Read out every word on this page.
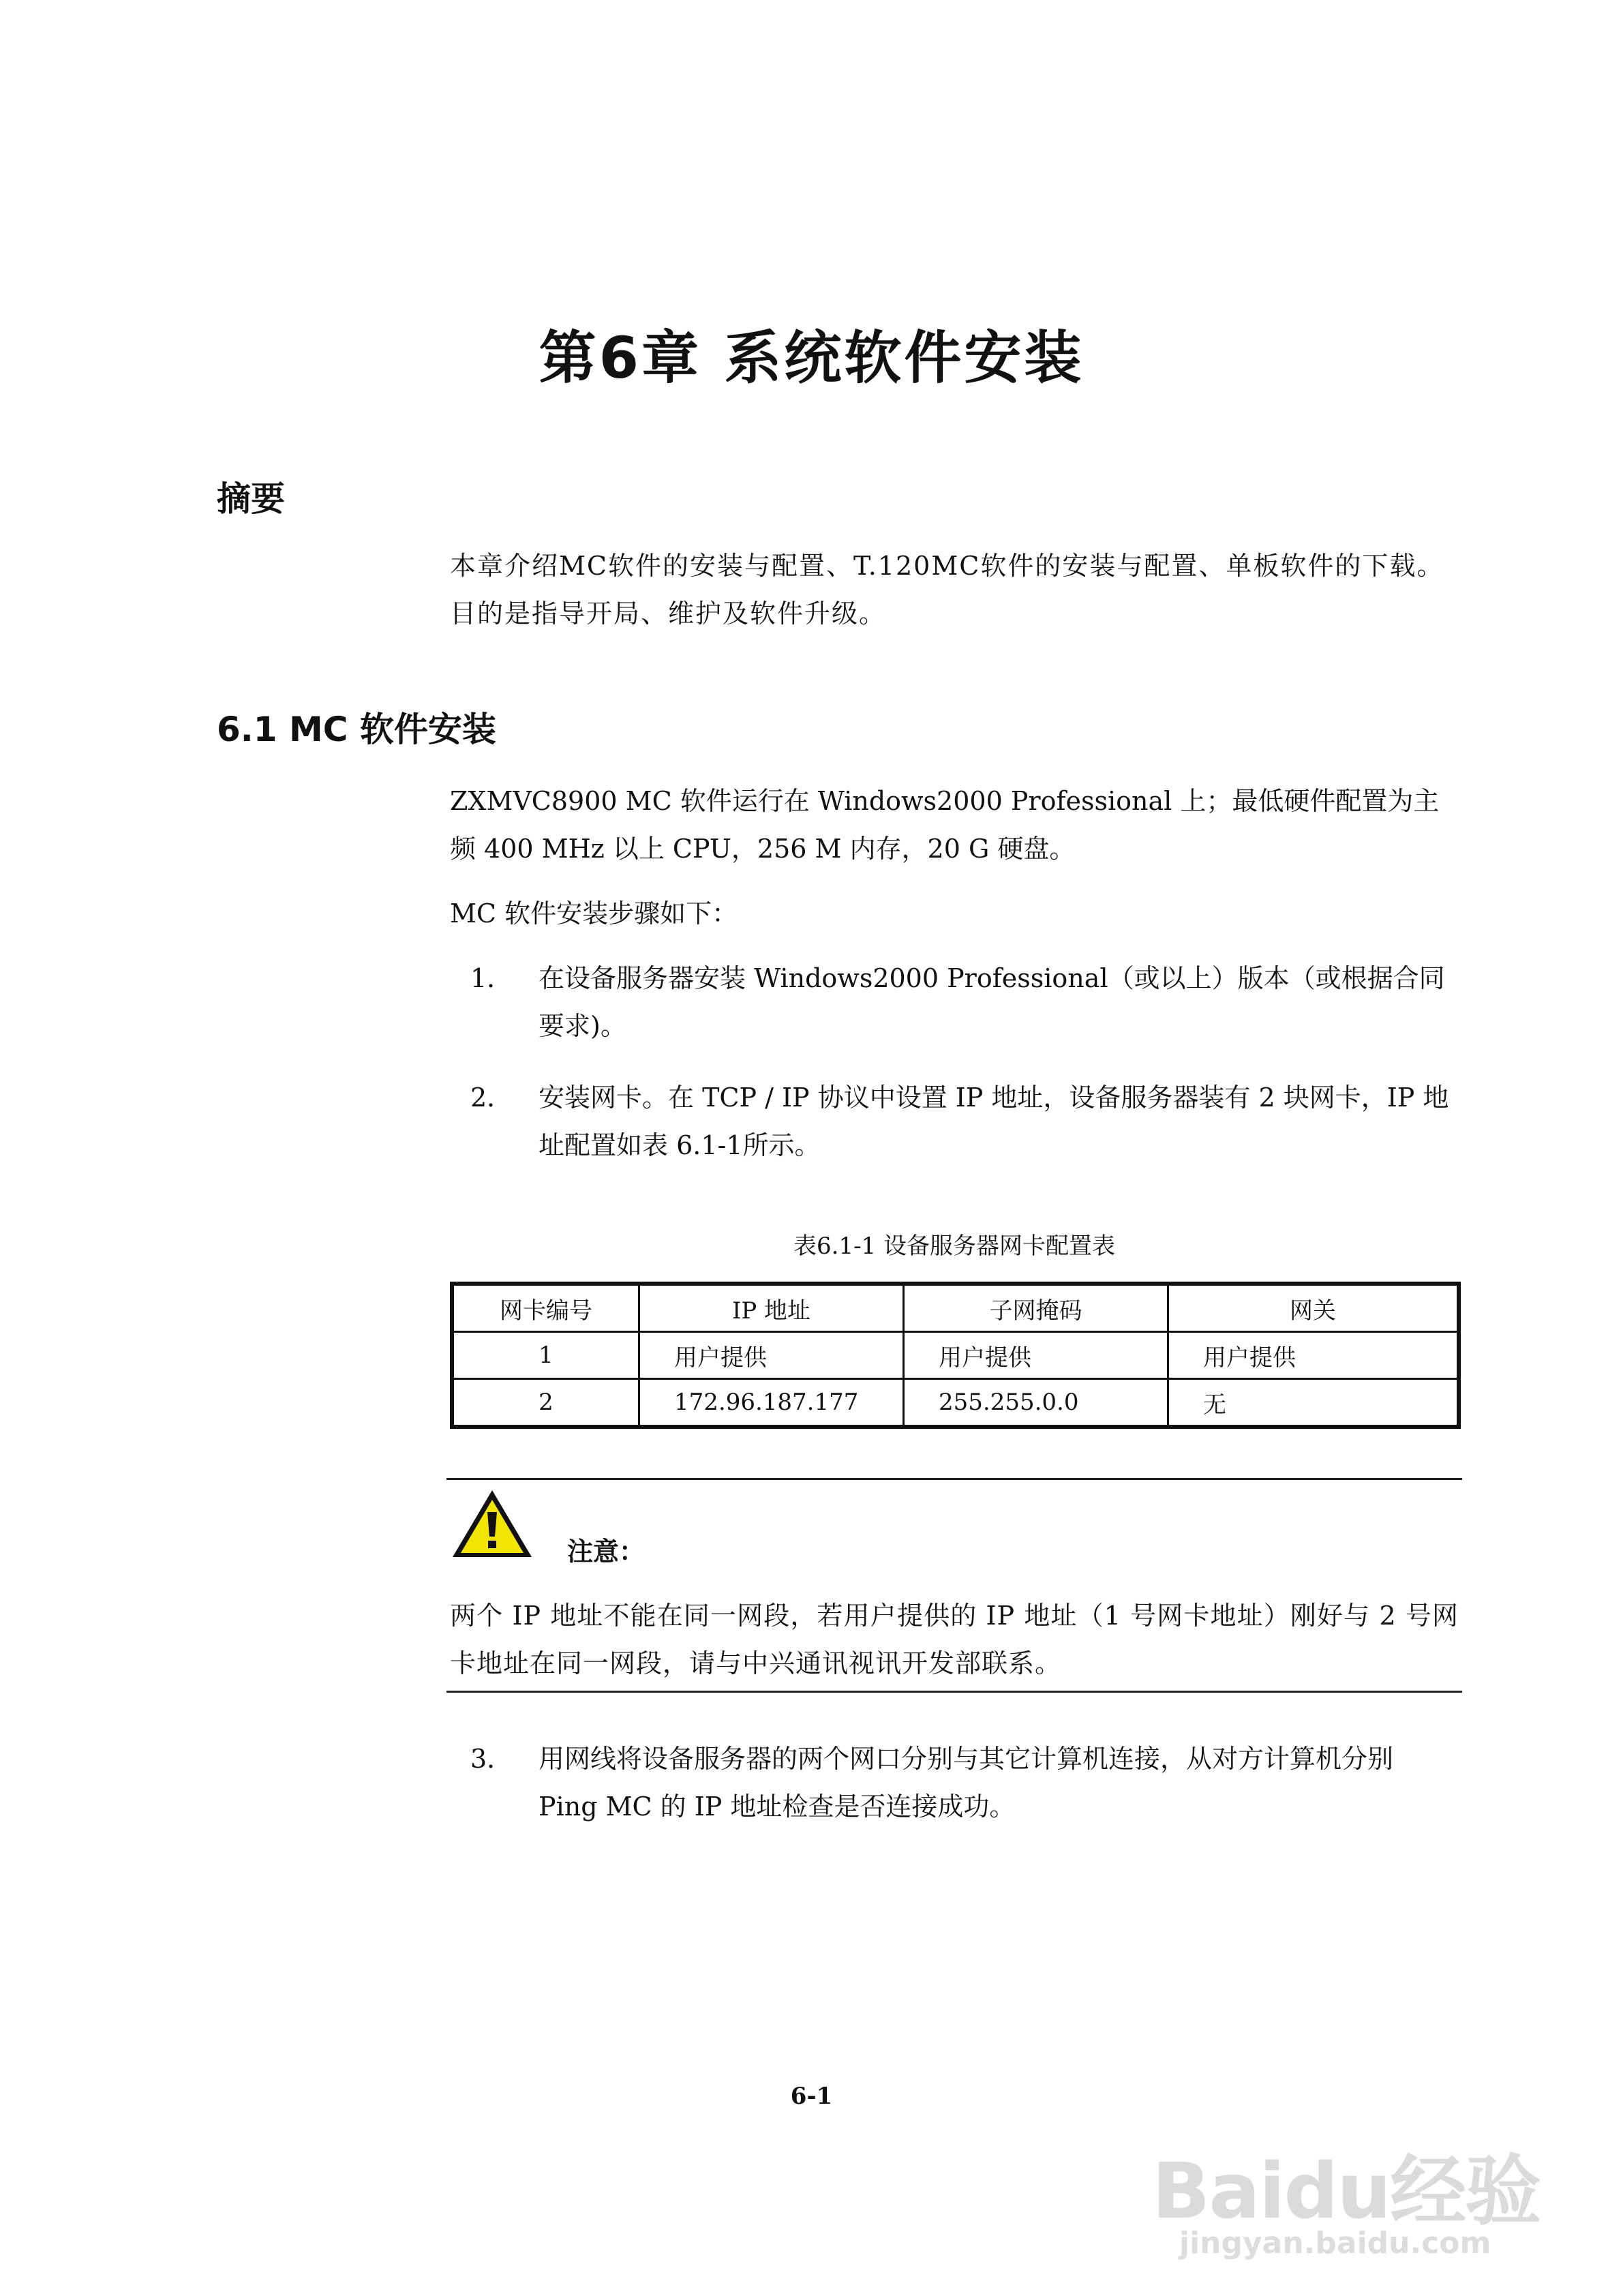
第6章 系统软件安装
摘要
本章介绍MC软件的安装与配置、T.120MC软件的安装与配置、单板软件的下载。目的是指导开局、维护及软件升级。
6.1 MC 软件安装
ZXMVC8900 MC 软件运行在 Windows2000 Professional 上；最低硬件配置为主频 400 MHz 以上 CPU，256 M 内存，20 G 硬盘。
MC 软件安装步骤如下：
1． 在设备服务器安装 Windows2000 Professional（或以上）版本（或根据合同要求)。
2． 安装网卡。在 TCP / IP 协议中设置 IP 地址，设备服务器装有 2 块网卡，IP 地址配置如表 6.1-1所示。
表6.1-1 设备服务器网卡配置表
网卡编号	IP 地址	子网掩码	网关
1	用户提供	用户提供	用户提供
2	172.96.187.177	255.255.0.0	无
注意：
两个 IP 地址不能在同一网段，若用户提供的 IP 地址（1 号网卡地址）刚好与 2 号网卡地址在同一网段，请与中兴通讯视讯开发部联系。
3． 用网线将设备服务器的两个网口分别与其它计算机连接，从对方计算机分别 Ping MC 的 IP 地址检查是否连接成功。
6-1
Baidu经验
jingyan.baidu.com
